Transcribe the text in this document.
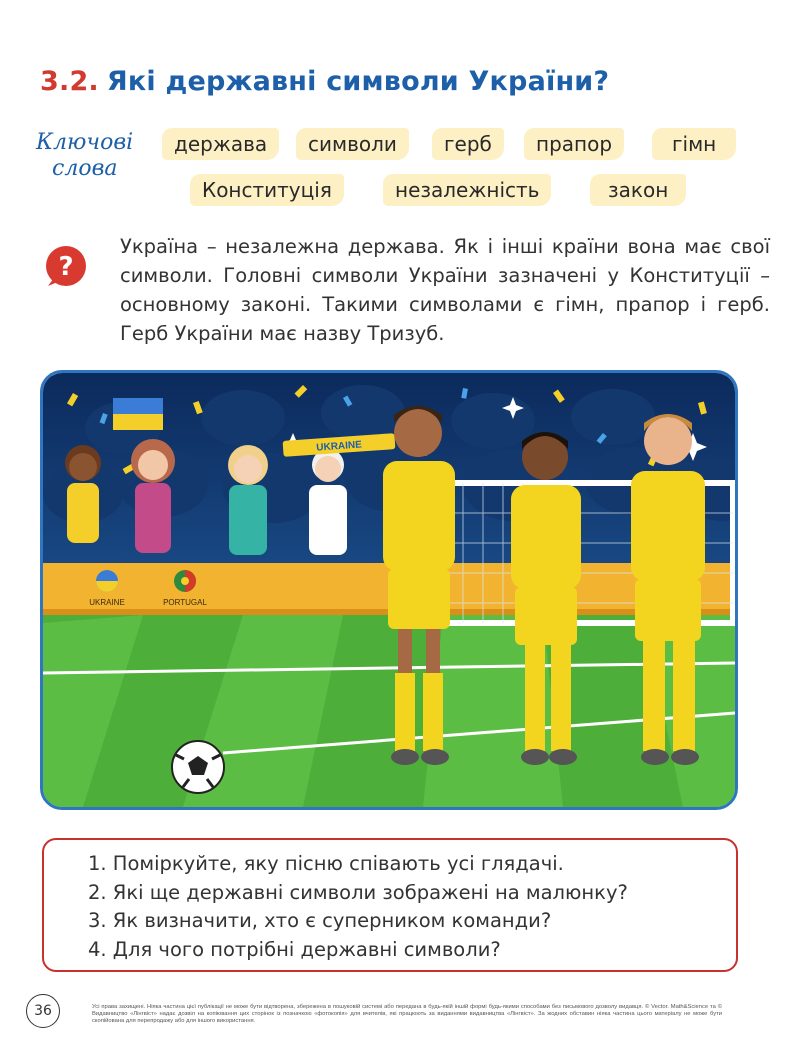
3.2. Які державні символи України?
Ключові
слова
держава	символи	герб	прапор	гімн
Конституція	незалежність	закон
?

Україна – незалежна держава. Як і інші країни вона має свої символи. Головні символи України зазначені у Конституції – основному законі. Такими символами є гімн, прапор і герб. Герб України має назву Тризуб.

UKRAINE	PORTUGAL
UKRAINE
1. Поміркуйте, яку пісню співають усі глядачі.
2. Які ще державні символи зображені на малюнку?
3. Як визначити, хто є суперником команди?
4. Для чого потрібні державні символи?
36	Усі права захищені. Ніяка частина цієї публікації не може бути відтворена, збережена в пошуковій системі або передана в будь-якій іншій формі будь-якими способами без письмового дозволу видавця. © Vector. Math&Science та © Видавництво «Лінгвіст» надає дозвіл на копіювання цих сторінок із позначкою «фотокопія» для вчителів, які працюють за виданнями видавництва «Лінгвіст». За жодних обставин ніяка частина цього матеріалу не може бути скопійована для перепродажу або для іншого використання.
